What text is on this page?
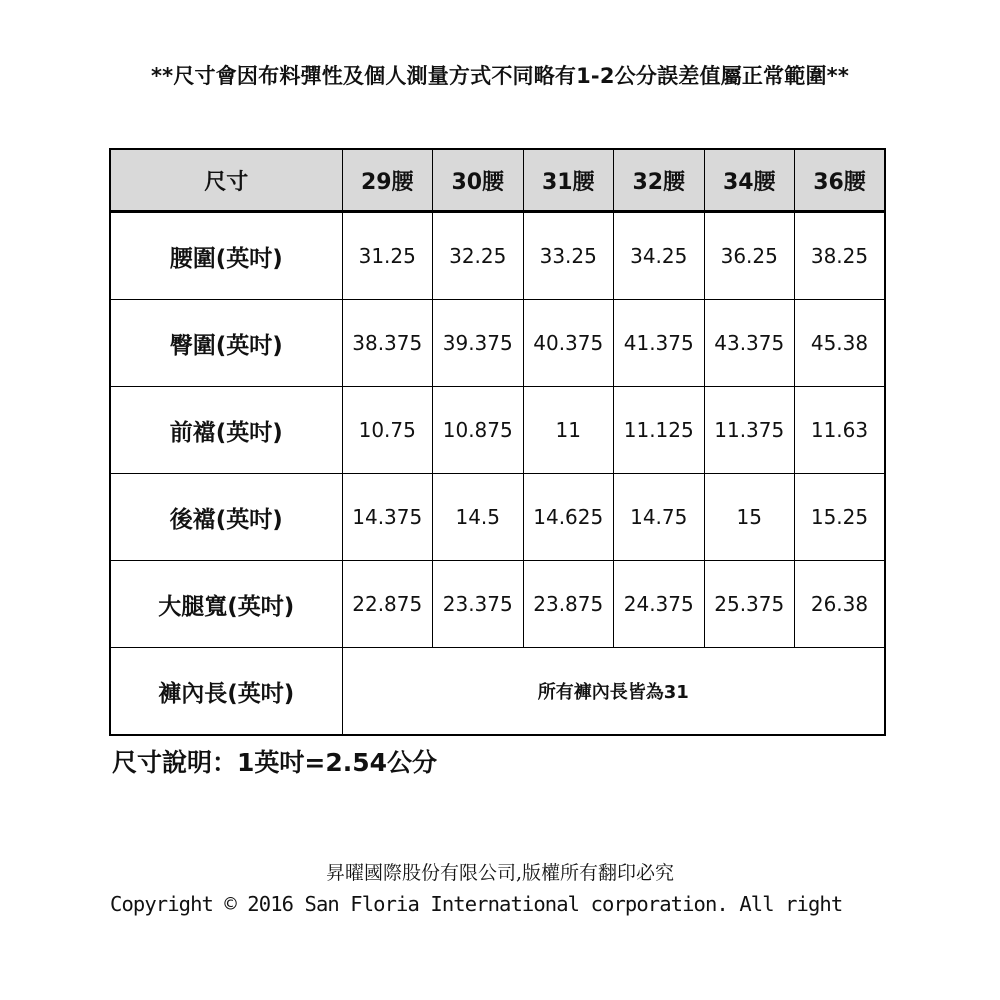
**尺寸會因布料彈性及個人測量方式不同略有1-2公分誤差值屬正常範圍**
尺寸	29腰	30腰	31腰	32腰	34腰	36腰
腰圍(英吋)	31.25	32.25	33.25	34.25	36.25	38.25
臀圍(英吋)	38.375	39.375	40.375	41.375	43.375	45.38
前襠(英吋)	10.75	10.875	11	11.125	11.375	11.63
後襠(英吋)	14.375	14.5	14.625	14.75	15	15.25
大腿寬(英吋)	22.875	23.375	23.875	24.375	25.375	26.38
褲內長(英吋)	所有褲內長皆為31					
尺寸說明：1英吋=2.54公分
昇曜國際股份有限公司,版權所有翻印必究
Copyright © 2016 San Floria International corporation. All right
